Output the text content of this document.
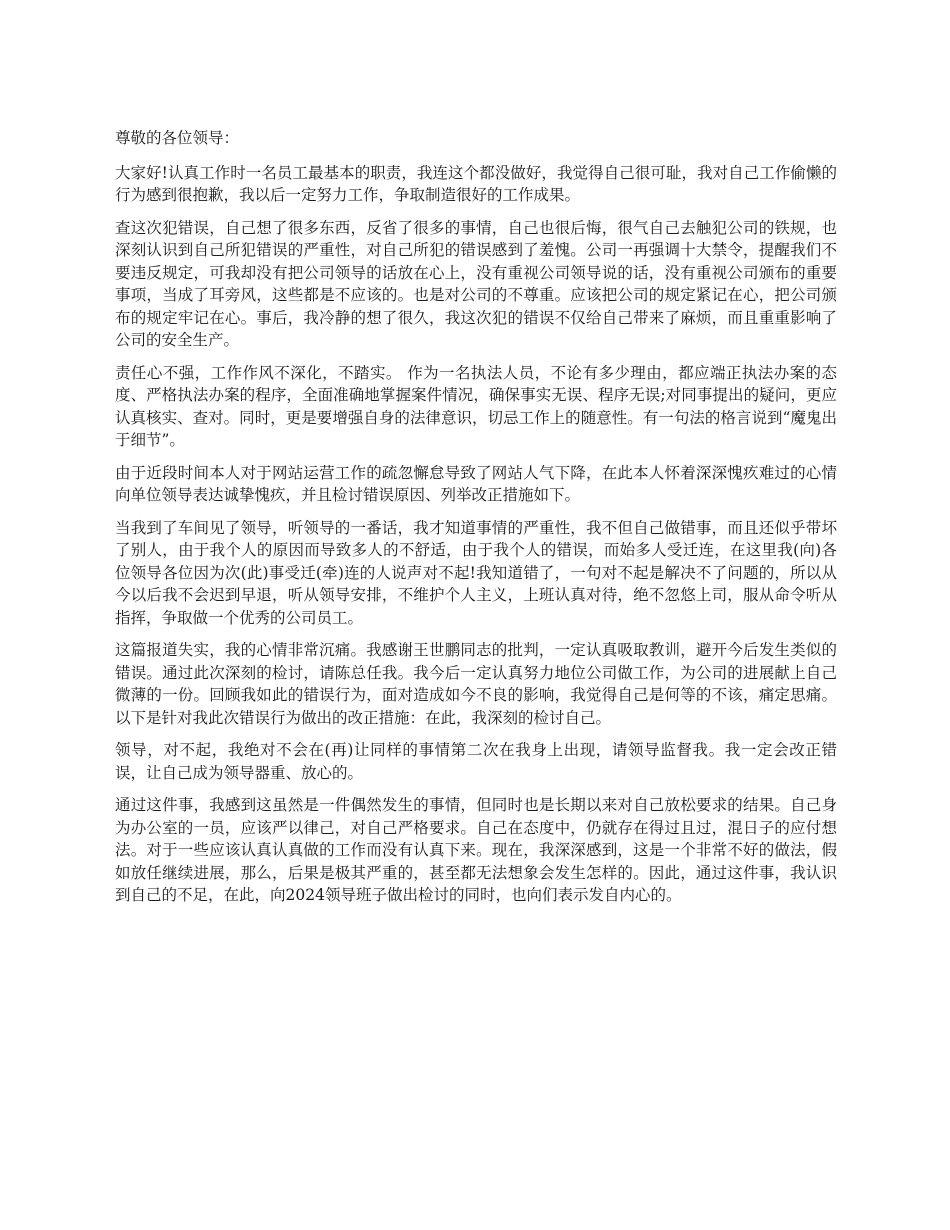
尊敬的各位领导：

大家好!认真工作时一名员工最基本的职责，我连这个都没做好，我觉得自己很可耻，我对自己工作偷懒的行为感到很抱歉，我以后一定努力工作，争取制造很好的工作成果。

查这次犯错误，自己想了很多东西，反省了很多的事情，自己也很后悔，很气自己去触犯公司的铁规，也深刻认识到自己所犯错误的严重性，对自己所犯的错误感到了羞愧。公司一再强调十大禁令，提醒我们不要违反规定，可我却没有把公司领导的话放在心上，没有重视公司领导说的话，没有重视公司颁布的重要事项，当成了耳旁风，这些都是不应该的。也是对公司的不尊重。应该把公司的规定紧记在心，把公司颁布的规定牢记在心。事后，我冷静的想了很久，我这次犯的错误不仅给自己带来了麻烦，而且重重影响了公司的安全生产。

责任心不强，工作作风不深化，不踏实。 作为一名执法人员，不论有多少理由，都应端正执法办案的态度、严格执法办案的程序，全面准确地掌握案件情况，确保事实无误、程序无误;对同事提出的疑问，更应认真核实、查对。同时，更是要增强自身的法律意识，切忌工作上的随意性。有一句法的格言说到“魔鬼出于细节”。

由于近段时间本人对于网站运营工作的疏忽懈怠导致了网站人气下降，在此本人怀着深深愧疚难过的心情向单位领导表达诚挚愧疚，并且检讨错误原因、列举改正措施如下。

当我到了车间见了领导，听领导的一番话，我才知道事情的严重性，我不但自己做错事，而且还似乎带坏了别人，由于我个人的原因而导致多人的不舒适，由于我个人的错误，而始多人受迁连，在这里我(向)各位领导各位因为次(此)事受迁(牵)连的人说声对不起!我知道错了，一句对不起是解决不了问题的，所以从今以后我不会迟到早退，听从领导安排，不维护个人主义，上班认真对待，绝不忽悠上司，服从命令听从指挥，争取做一个优秀的公司员工。

这篇报道失实，我的心情非常沉痛。我感谢王世鹏同志的批判，一定认真吸取教训，避开今后发生类似的错误。通过此次深刻的检讨，请陈总任我。我今后一定认真努力地位公司做工作，为公司的进展献上自己微薄的一份。回顾我如此的错误行为，面对造成如今不良的影响，我觉得自己是何等的不该，痛定思痛。以下是针对我此次错误行为做出的改正措施：在此，我深刻的检讨自己。

领导，对不起，我绝对不会在(再)让同样的事情第二次在我身上出现，请领导监督我。我一定会改正错误，让自己成为领导器重、放心的。

通过这件事，我感到这虽然是一件偶然发生的事情，但同时也是长期以来对自己放松要求的结果。自己身为办公室的一员，应该严以律己，对自己严格要求。自己在态度中，仍就存在得过且过，混日子的应付想法。对于一些应该认真认真做的工作而没有认真下来。现在，我深深感到，这是一个非常不好的做法，假如放任继续进展，那么，后果是极其严重的，甚至都无法想象会发生怎样的。因此，通过这件事，我认识到自己的不足，在此，向2024领导班子做出检讨的同时，也向们表示发自内心的。
